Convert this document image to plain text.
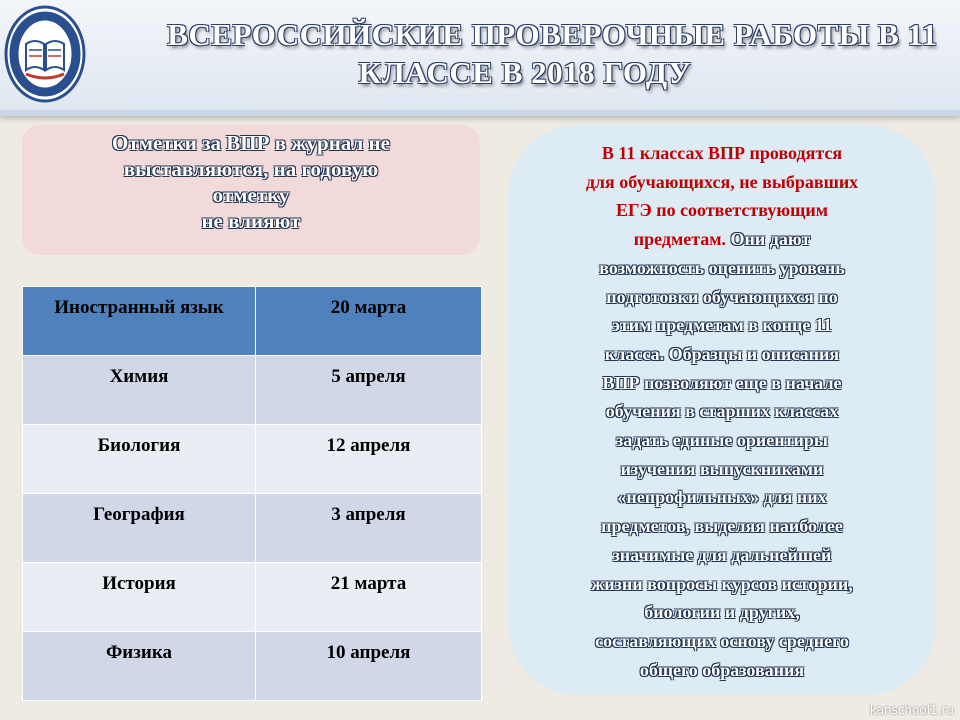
ВСЕРОССИЙСКИЕ ПРОВЕРОЧНЫЕ РАБОТЫ В 11
КЛАССЕ В 2018 ГОДУ
Отметки за ВПР в журнал не
выставляются, на годовую
отметку
не влияют
Иностранный язык	20 марта
Химия	5 апреля
Биология	12 апреля
География	3 апреля
История	21 марта
Физика	10 апреля
В 11 классах ВПР проводятся
для обучающихся, не выбравших
ЕГЭ по соответствующим
предметам. Они дают
возможность оценить уровень
подготовки обучающихся по
этим предметам в конце 11
класса. Образцы и описания
ВПР позволяют еще в начале
обучения в старших классах
задать единые ориентиры
изучения выпускниками
«непрофильных» для них
предметов, выделяя наиболее
значимые для дальнейшей
жизни вопросы курсов истории,
биологии и других,
составляющих основу среднего
общего образования
kanschool1.ru
